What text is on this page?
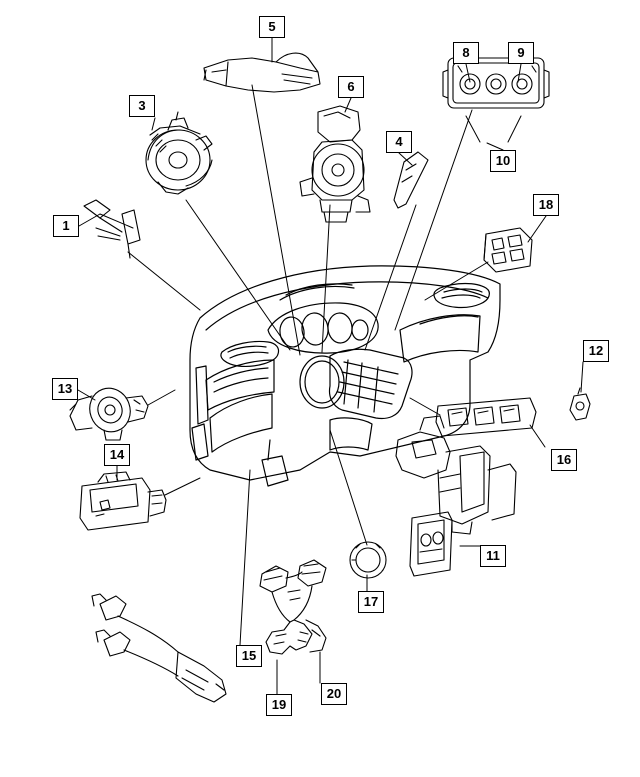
1
3
5
6
4
8	9
10
18
12
16
11
13
14
15
17
19
20
